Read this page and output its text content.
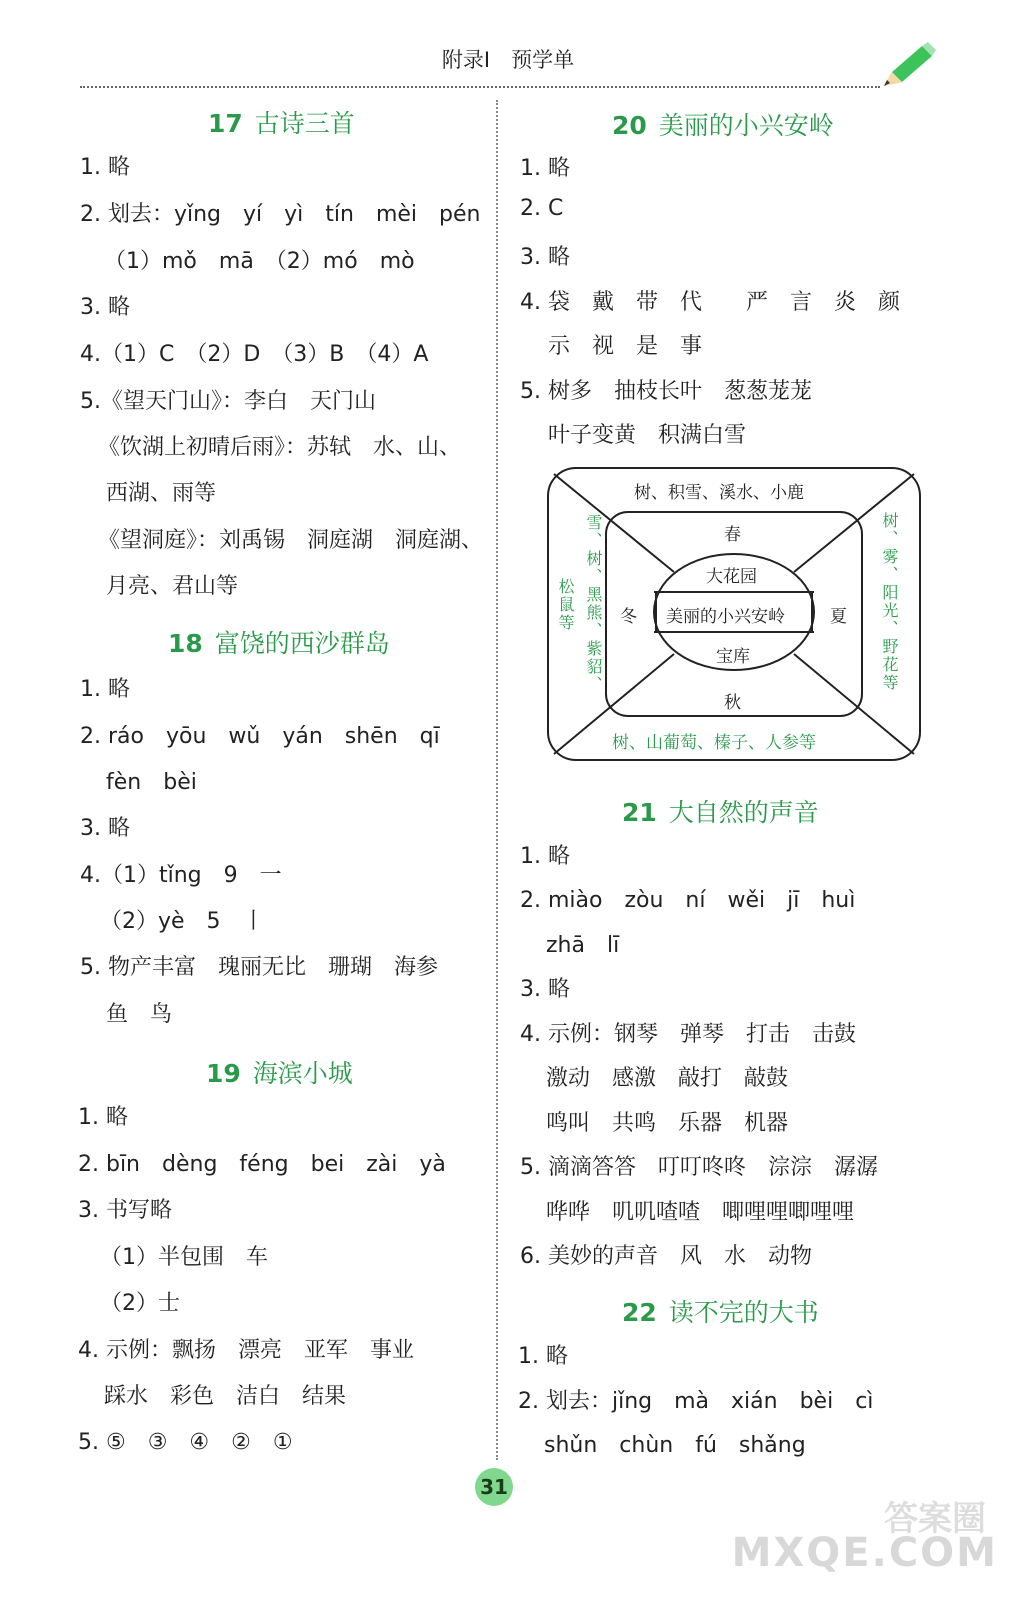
附录Ⅰ　预学单
17 古诗三首
1. 略
2. 划去：yǐng　yí　yì　tín　mèi　pén
（1）mǒ　mā　（2）mó　mò
3. 略
4.（1）C　（2）D　（3）B　（4）A
5.《望天门山》：李白　天门山
《饮湖上初晴后雨》：苏轼　水、山、
西湖、雨等
《望洞庭》：刘禹锡　洞庭湖　洞庭湖、
月亮、君山等
18 富饶的西沙群岛
1. 略
2. ráo　yōu　wǔ　yán　shēn　qī
fèn　bèi
3. 略
4.（1）tǐng　9　一
（2）yè　5　丨
5. 物产丰富　瑰丽无比　珊瑚　海参
鱼　鸟
19 海滨小城
1. 略
2. bīn　dèng　féng　bei　zài　yà
3. 书写略
（1）半包围　车
（2）士
4. 示例：飘扬　漂亮　亚军　事业
踩水　彩色　洁白　结果
5. ⑤　③　④　②　①
20 美丽的小兴安岭
1. 略
2. C
3. 略
4. 袋　戴　带　代　　严　言　炎　颜
示　视　是　事
5. 树多　抽枝长叶　葱葱茏茏
叶子变黄　积满白雪
树、积雪、溪水、小鹿
树、山葡萄、榛子、人参等
树、雾、阳光、野花等
雪、树、黑熊、紫貂、
松鼠等
春
夏
秋
冬
大花园
宝库
美丽的小兴安岭
21 大自然的声音
1. 略
2. miào　zòu　ní　wěi　jī　huì
zhā　lī
3. 略
4. 示例：钢琴　弹琴　打击　击鼓
激动　感激　敲打　敲鼓
鸣叫　共鸣　乐器　机器
5. 滴滴答答　叮叮咚咚　淙淙　潺潺
哗哗　叽叽喳喳　唧哩哩唧哩哩
6. 美妙的声音　风　水　动物
22 读不完的大书
1. 略
2. 划去：jǐng　mà　xián　bèi　cì
shǔn　chùn　fú　shǎng
31
答案圈
MXQE.COM
